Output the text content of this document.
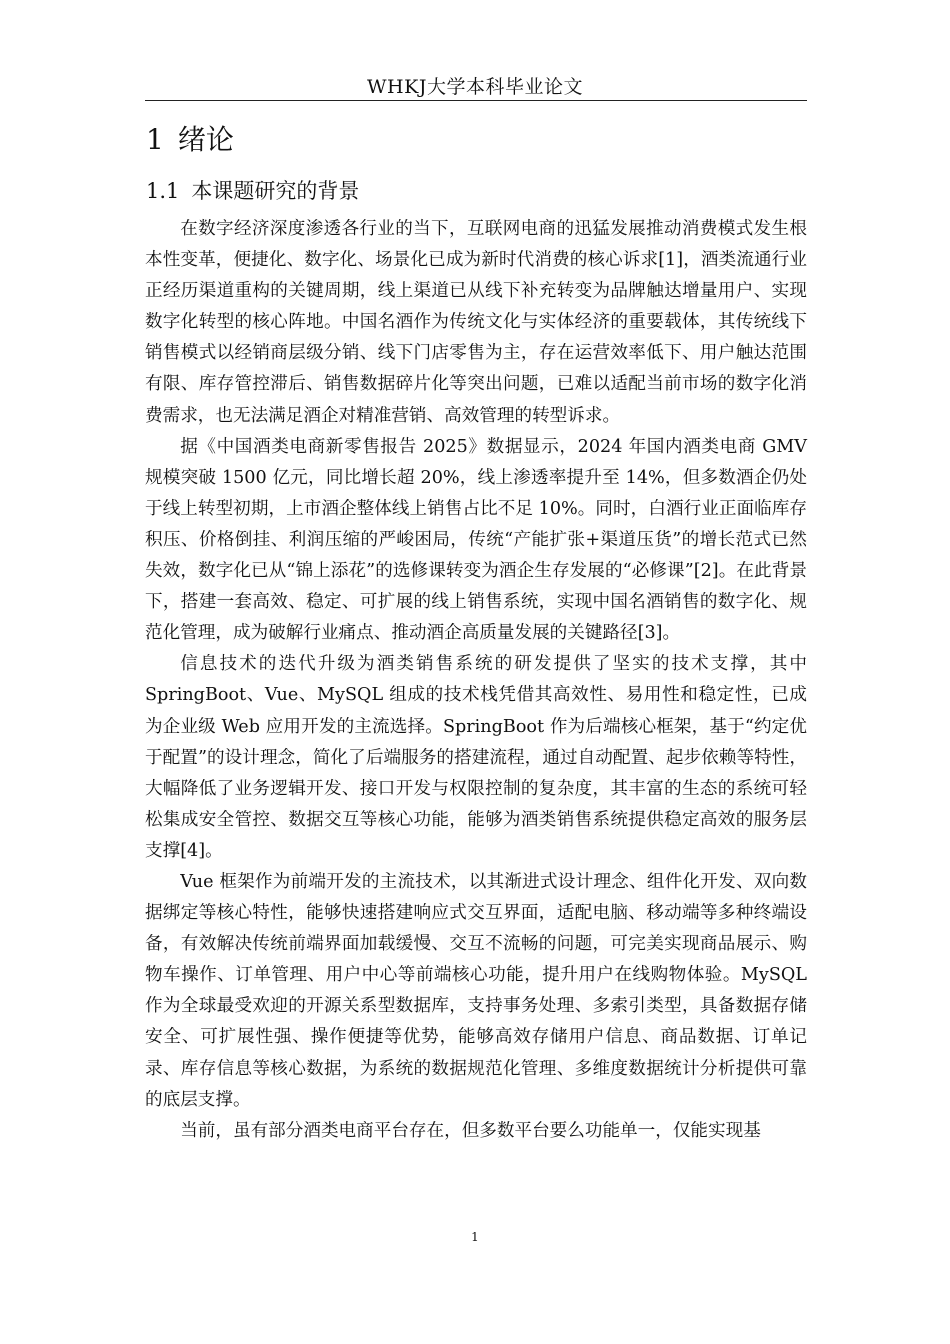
WHKJ大学本科毕业论文
1 绪论
1.1 本课题研究的背景

在数字经济深度渗透各行业的当下，互联网电商的迅猛发展推动消费模式发生根本性变革，便捷化、数字化、场景化已成为新时代消费的核心诉求[1]，酒类流通行业正经历渠道重构的关键周期，线上渠道已从线下补充转变为品牌触达增量用户、实现数字化转型的核心阵地。中国名酒作为传统文化与实体经济的重要载体，其传统线下销售模式以经销商层级分销、线下门店零售为主，存在运营效率低下、用户触达范围有限、库存管控滞后、销售数据碎片化等突出问题，已难以适配当前市场的数字化消费需求，也无法满足酒企对精准营销、高效管理的转型诉求。

据《中国酒类电商新零售报告 2025》数据显示，2024 年国内酒类电商 GMV 规模突破 1500 亿元，同比增长超 20%，线上渗透率提升至 14%，但多数酒企仍处于线上转型初期，上市酒企整体线上销售占比不足 10%。同时，白酒行业正面临库存积压、价格倒挂、利润压缩的严峻困局，传统“产能扩张+渠道压货”的增长范式已然失效，数字化已从“锦上添花”的选修课转变为酒企生存发展的“必修课”[2]。在此背景下，搭建一套高效、稳定、可扩展的线上销售系统，实现中国名酒销售的数字化、规范化管理，成为破解行业痛点、推动酒企高质量发展的关键路径[3]。

信息技术的迭代升级为酒类销售系统的研发提供了坚实的技术支撑，其中 SpringBoot、Vue、MySQL 组成的技术栈凭借其高效性、易用性和稳定性，已成为企业级 Web 应用开发的主流选择。SpringBoot 作为后端核心框架，基于“约定优于配置”的设计理念，简化了后端服务的搭建流程，通过自动配置、起步依赖等特性，大幅降低了业务逻辑开发、接口开发与权限控制的复杂度，其丰富的生态的系统可轻松集成安全管控、数据交互等核心功能，能够为酒类销售系统提供稳定高效的服务层支撑[4]。

Vue 框架作为前端开发的主流技术，以其渐进式设计理念、组件化开发、双向数据绑定等核心特性，能够快速搭建响应式交互界面，适配电脑、移动端等多种终端设备，有效解决传统前端界面加载缓慢、交互不流畅的问题，可完美实现商品展示、购物车操作、订单管理、用户中心等前端核心功能，提升用户在线购物体验。MySQL 作为全球最受欢迎的开源关系型数据库，支持事务处理、多索引类型，具备数据存储安全、可扩展性强、操作便捷等优势，能够高效存储用户信息、商品数据、订单记录、库存信息等核心数据，为系统的数据规范化管理、多维度数据统计分析提供可靠的底层支撑。

当前，虽有部分酒类电商平台存在，但多数平台要么功能单一，仅能实现基

1
